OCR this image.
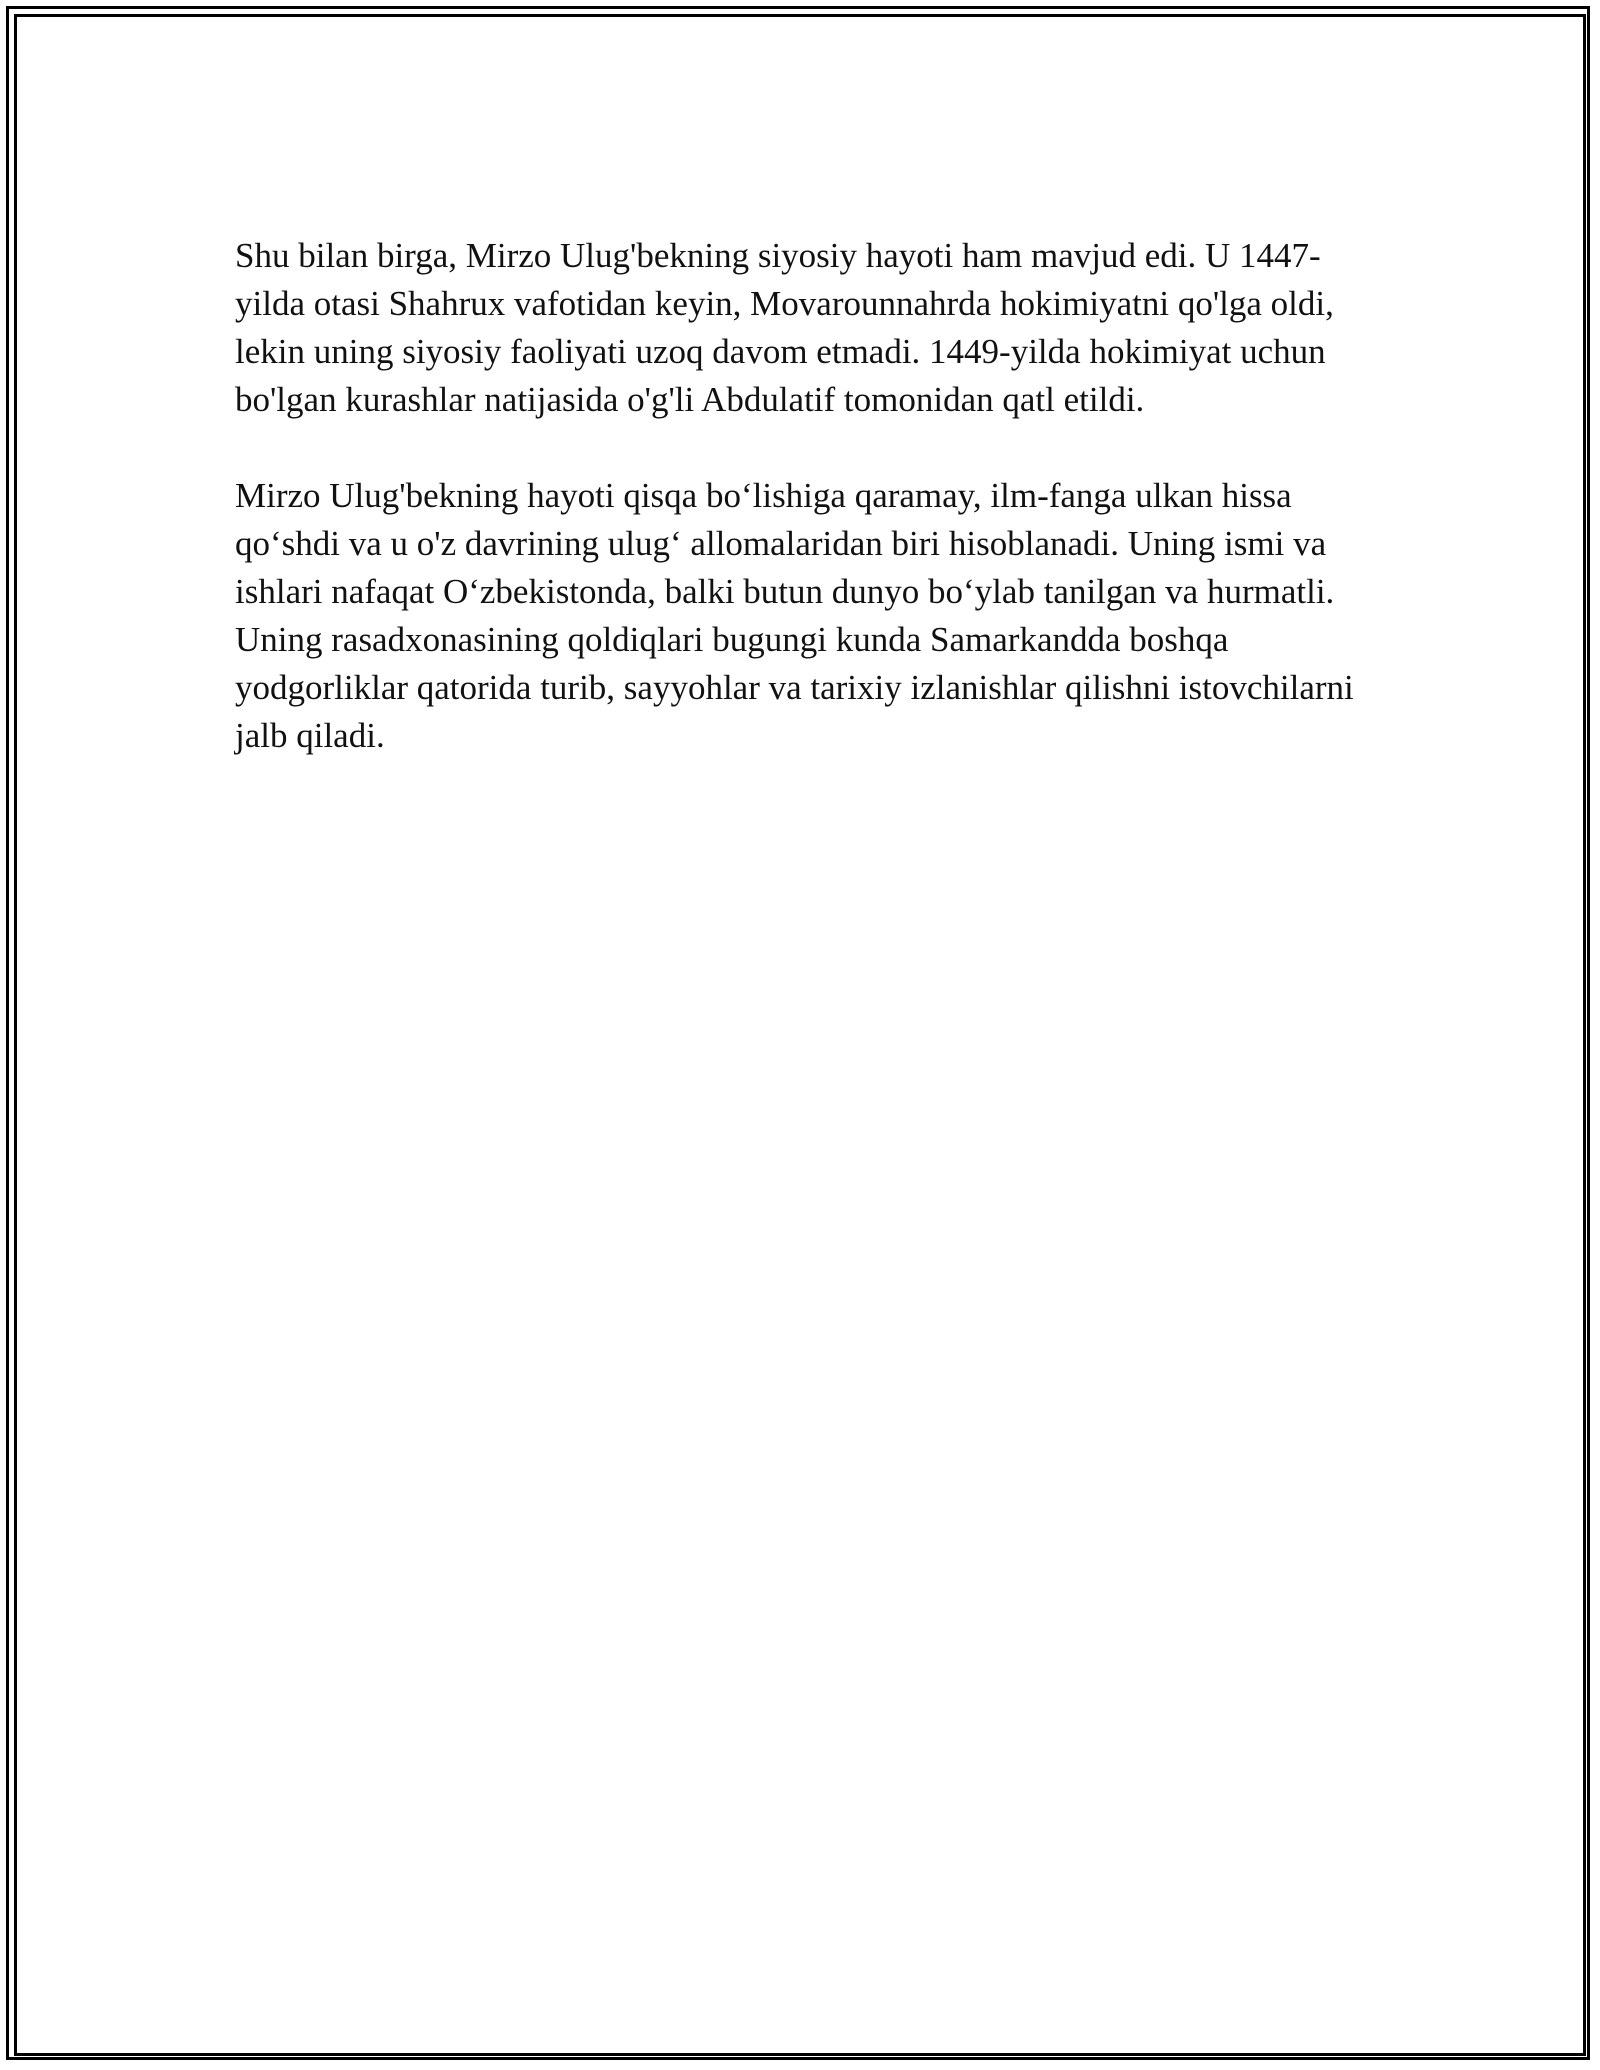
Shu bilan birga, Mirzo Ulug'bekning siyosiy hayoti ham mavjud edi. U 1447-yilda otasi Shahrux vafotidan keyin, Movarounnahrda hokimiyatni qo'lga oldi, lekin uning siyosiy faoliyati uzoq davom etmadi. 1449-yilda hokimiyat uchun bo'lgan kurashlar natijasida o'g'li Abdulatif tomonidan qatl etildi.

Mirzo Ulug'bekning hayoti qisqa bo‘lishiga qaramay, ilm-fanga ulkan hissa qo‘shdi va u o'z davrining ulug‘ allomalaridan biri hisoblanadi. Uning ismi va ishlari nafaqat O‘zbekistonda, balki butun dunyo bo‘ylab tanilgan va hurmatli. Uning rasadxonasining qoldiqlari bugungi kunda Samarkandda boshqa yodgorliklar qatorida turib, sayyohlar va tarixiy izlanishlar qilishni istovchilarni jalb qiladi.
